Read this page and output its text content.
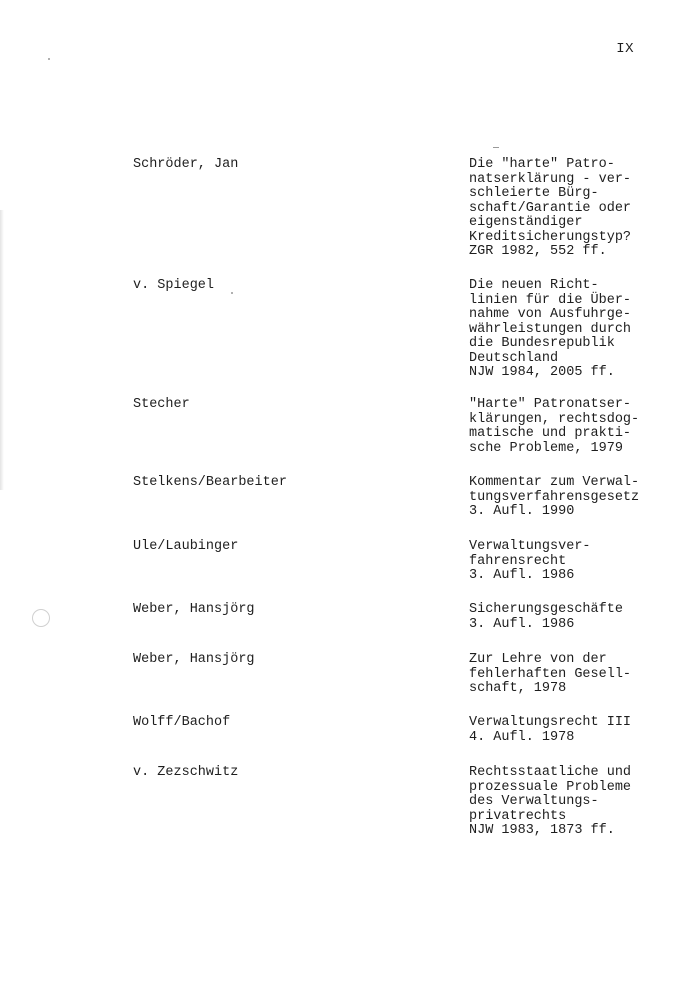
IX
Schröder, Jan	Die "harte" Patro-
natserklärung - ver-
schleierte Bürg-
schaft/Garantie oder
eigenständiger
Kreditsicherungstyp?
ZGR 1982, 552 ff.
v. Spiegel	Die neuen Richt-
linien für die Über-
nahme von Ausfuhrge-
währleistungen durch
die Bundesrepublik
Deutschland
NJW 1984, 2005 ff.
Stecher	"Harte" Patronatser-
klärungen, rechtsdog-
matische und prakti-
sche Probleme, 1979
Stelkens/Bearbeiter	Kommentar zum Verwal-
tungsverfahrensgesetz
3. Aufl. 1990
Ule/Laubinger	Verwaltungsver-
fahrensrecht
3. Aufl. 1986
Weber, Hansjörg	Sicherungsgeschäfte
3. Aufl. 1986
Weber, Hansjörg	Zur Lehre von der
fehlerhaften Gesell-
schaft, 1978
Wolff/Bachof	Verwaltungsrecht III
4. Aufl. 1978
v. Zezschwitz	Rechtsstaatliche und
prozessuale Probleme
des Verwaltungs-
privatrechts
NJW 1983, 1873 ff.
